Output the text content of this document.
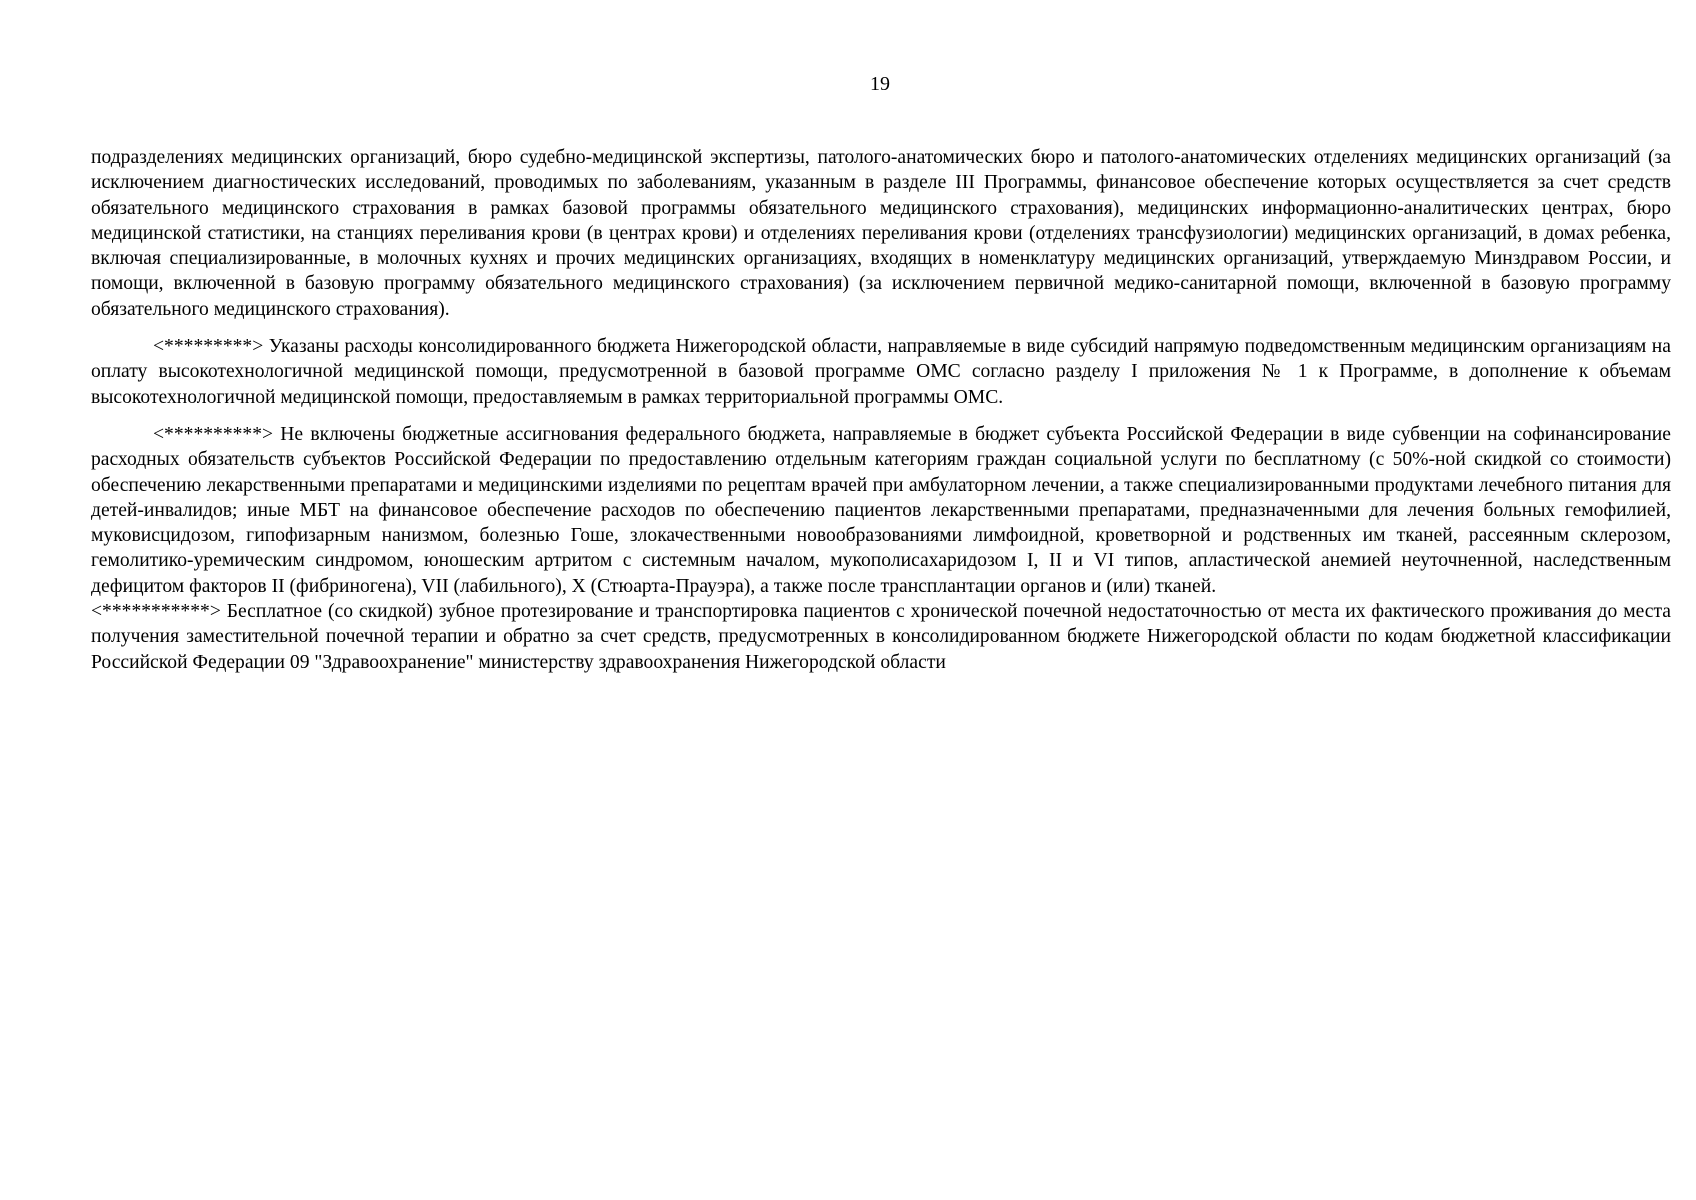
19

подразделениях медицинских организаций, бюро судебно-медицинской экспертизы, патолого-анатомических бюро и патолого-анатомических отделениях медицинских организаций (за исключением диагностических исследований, проводимых по заболеваниям, указанным в разделе III Программы, финансовое обеспечение которых осуществляется за счет средств обязательного медицинского страхования в рамках базовой программы обязательного медицинского страхования), медицинских информационно-аналитических центрах, бюро медицинской статистики, на станциях переливания крови (в центрах крови) и отделениях переливания крови (отделениях трансфузиологии) медицинских организаций, в домах ребенка, включая специализированные, в молочных кухнях и прочих медицинских организациях, входящих в номенклатуру медицинских организаций, утверждаемую Минздравом России, и помощи, включенной в базовую программу обязательного медицинского страхования) (за исключением первичной медико-санитарной помощи, включенной в базовую программу обязательного медицинского страхования).

<*********> Указаны расходы консолидированного бюджета Нижегородской области, направляемые в виде субсидий напрямую подведомственным медицинским организациям на оплату высокотехнологичной медицинской помощи, предусмотренной в базовой программе ОМС согласно разделу I приложения № 1 к Программе, в дополнение к объемам высокотехнологичной медицинской помощи, предоставляемым в рамках территориальной программы ОМС.

<**********> Не включены бюджетные ассигнования федерального бюджета, направляемые в бюджет субъекта Российской Федерации в виде субвенции на софинансирование расходных обязательств субъектов Российской Федерации по предоставлению отдельным категориям граждан социальной услуги по бесплатному (с 50%-ной скидкой со стоимости) обеспечению лекарственными препаратами и медицинскими изделиями по рецептам врачей при амбулаторном лечении, а также специализированными продуктами лечебного питания для детей-инвалидов; иные МБТ на финансовое обеспечение расходов по обеспечению пациентов лекарственными препаратами, предназначенными для лечения больных гемофилией, муковисцидозом, гипофизарным нанизмом, болезнью Гоше, злокачественными новообразованиями лимфоидной, кроветворной и родственных им тканей, рассеянным склерозом, гемолитико-уремическим синдромом, юношеским артритом с системным началом, мукополисахаридозом I, II и VI типов, апластической анемией неуточненной, наследственным дефицитом факторов II (фибриногена), VII (лабильного), X (Стюарта-Прауэра), а также после трансплантации органов и (или) тканей.

<***********> Бесплатное (со скидкой) зубное протезирование и транспортировка пациентов с хронической почечной недостаточностью от места их фактического проживания до места получения заместительной почечной терапии и обратно за счет средств, предусмотренных в консолидированном бюджете Нижегородской области по кодам бюджетной классификации Российской Федерации 09 "Здравоохранение" министерству здравоохранения Нижегородской области
